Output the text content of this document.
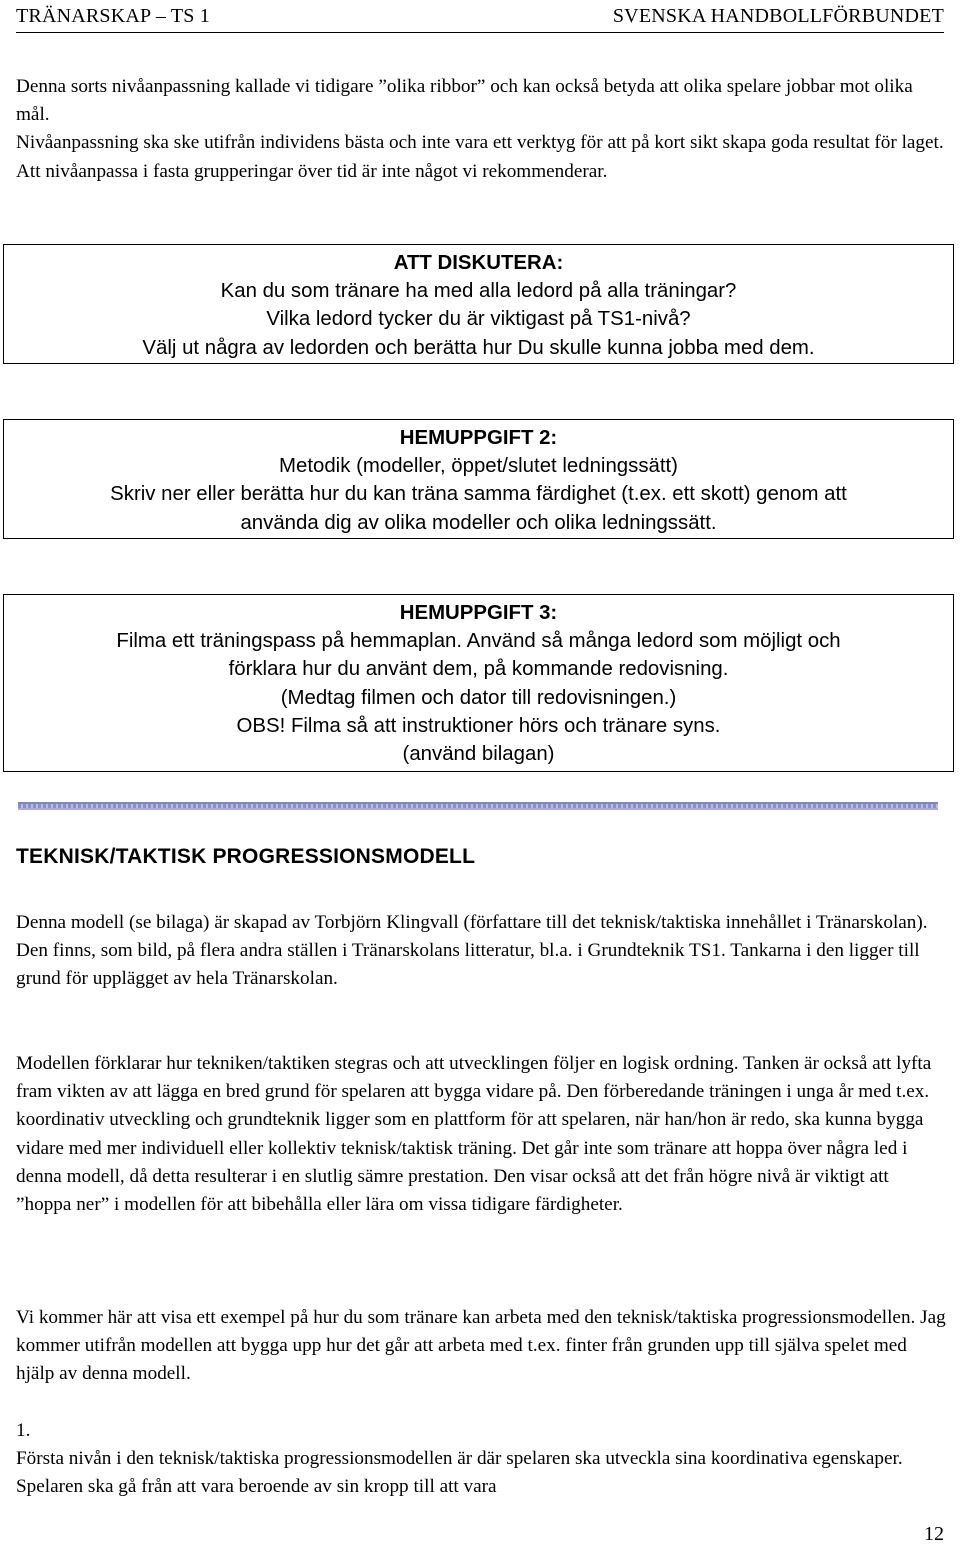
TRÄNARSKAP – TS 1	SVENSKA HANDBOLLFÖRBUNDET

Denna sorts nivåanpassning kallade vi tidigare ”olika ribbor” och kan också betyda att olika spelare jobbar mot olika mål.

Nivåanpassning ska ske utifrån individens bästa och inte vara ett verktyg för att på kort sikt skapa goda resultat för laget. Att nivåanpassa i fasta grupperingar över tid är inte något vi rekommenderar.

ATT DISKUTERA:
Kan du som tränare ha med alla ledord på alla träningar?
Vilka ledord tycker du är viktigast på TS1-nivå?
Välj ut några av ledorden och berätta hur Du skulle kunna jobba med dem.
HEMUPPGIFT 2:
Metodik (modeller, öppet/slutet ledningssätt)
Skriv ner eller berätta hur du kan träna samma färdighet (t.ex. ett skott) genom att
använda dig av olika modeller och olika ledningssätt.
HEMUPPGIFT 3:
Filma ett träningspass på hemmaplan. Använd så många ledord som möjligt och
förklara hur du använt dem, på kommande redovisning.
(Medtag filmen och dator till redovisningen.)
OBS! Filma så att instruktioner hörs och tränare syns.
(använd bilagan)
TEKNISK/TAKTISK PROGRESSIONSMODELL

Denna modell (se bilaga) är skapad av Torbjörn Klingvall (författare till det teknisk/taktiska innehållet i Tränarskolan). Den finns, som bild, på flera andra ställen i Tränarskolans litteratur, bl.a. i Grundteknik TS1. Tankarna i den ligger till grund för upplägget av hela Tränarskolan.

Modellen förklarar hur tekniken/taktiken stegras och att utvecklingen följer en logisk ordning. Tanken är också att lyfta fram vikten av att lägga en bred grund för spelaren att bygga vidare på. Den förberedande träningen i unga år med t.ex. koordinativ utveckling och grundteknik ligger som en plattform för att spelaren, när han/hon är redo, ska kunna bygga vidare med mer individuell eller kollektiv teknisk/taktisk träning. Det går inte som tränare att hoppa över några led i denna modell, då detta resulterar i en slutlig sämre prestation. Den visar också att det från högre nivå är viktigt att ”hoppa ner” i modellen för att bibehålla eller lära om vissa tidigare färdigheter.

Vi kommer här att visa ett exempel på hur du som tränare kan arbeta med den teknisk/taktiska progressionsmodellen. Jag kommer utifrån modellen att bygga upp hur det går att arbeta med t.ex. finter från grunden upp till själva spelet med hjälp av denna modell.

1.

Första nivån i den teknisk/taktiska progressionsmodellen är där spelaren ska utveckla sina koordinativa egenskaper. Spelaren ska gå från att vara beroende av sin kropp till att vara

12
